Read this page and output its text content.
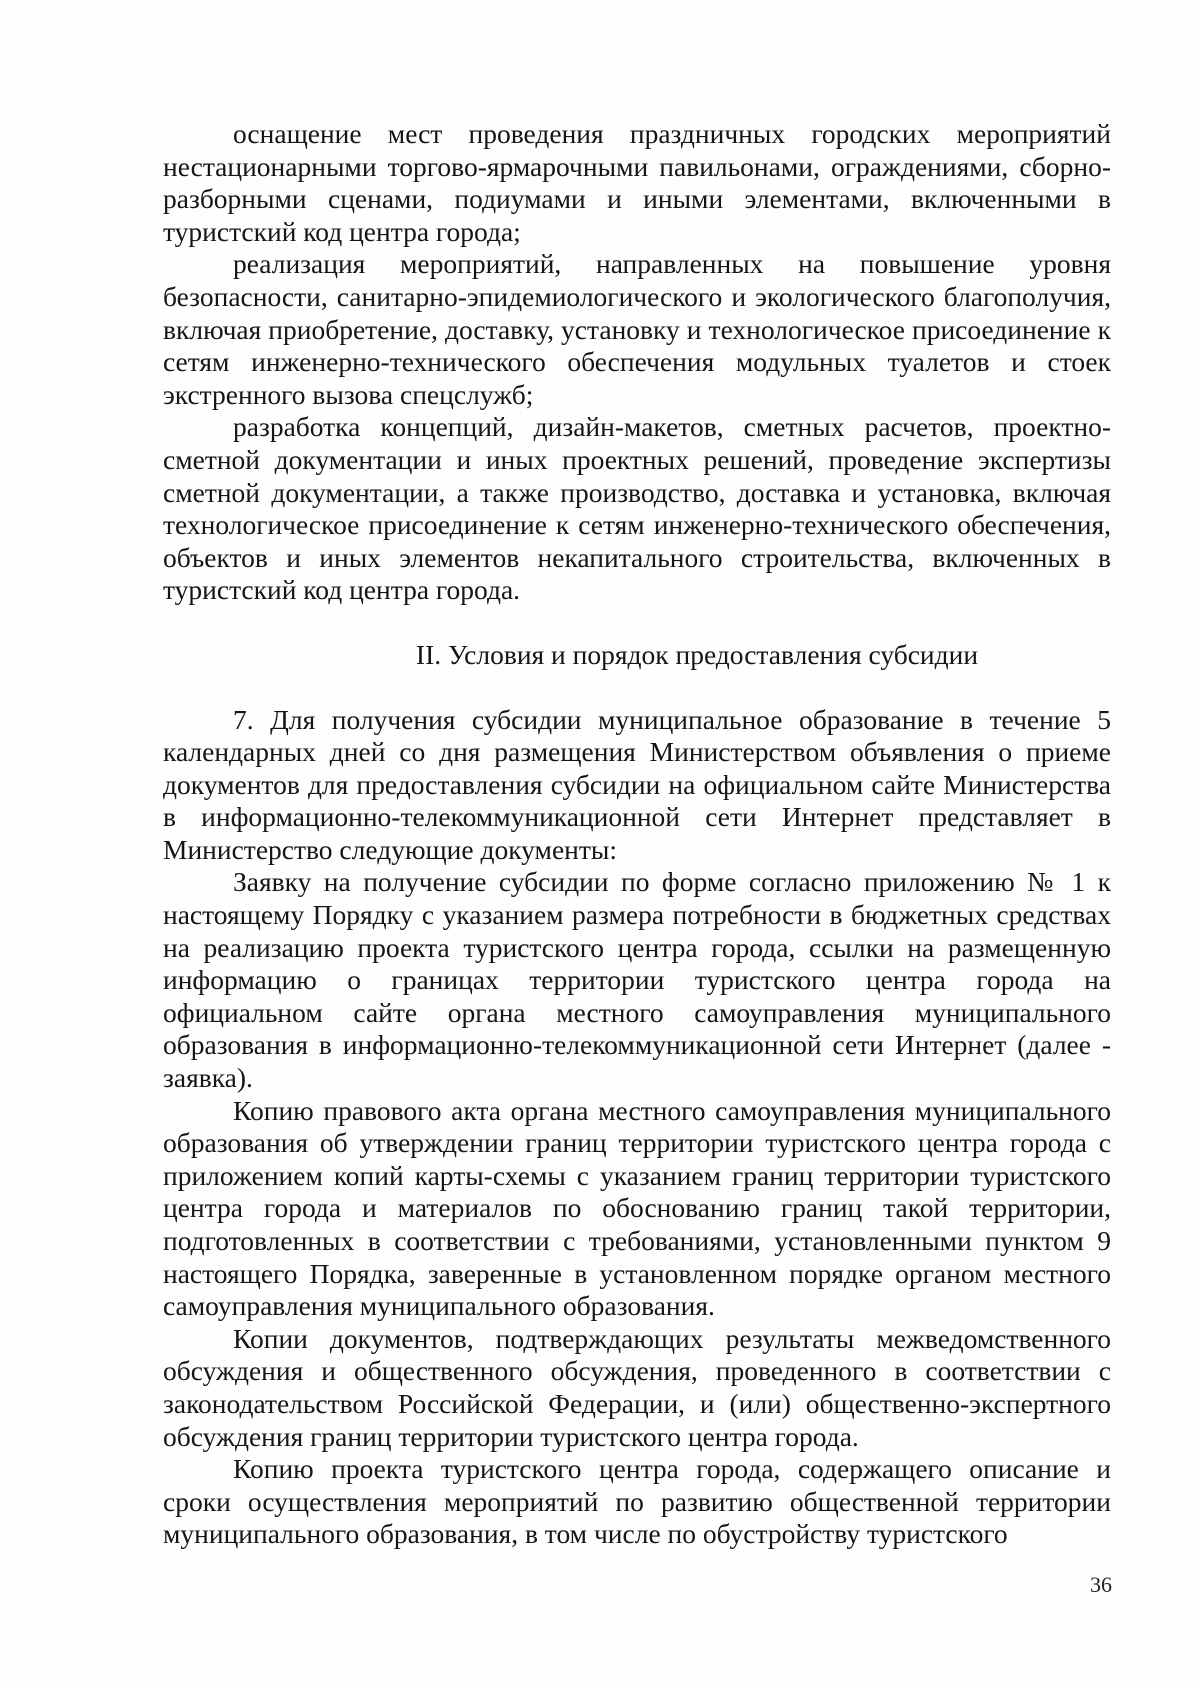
оснащение мест проведения праздничных городских мероприятий нестационарными торгово-ярмарочными павильонами, ограждениями, сборно-разборными сценами, подиумами и иными элементами, включенными в туристский код центра города;

реализация мероприятий, направленных на повышение уровня безопасности, санитарно-эпидемиологического и экологического благополучия, включая приобретение, доставку, установку и технологическое присоединение к сетям инженерно-технического обеспечения модульных туалетов и стоек экстренного вызова спецслужб;

разработка концепций, дизайн-макетов, сметных расчетов, проектно-сметной документации и иных проектных решений, проведение экспертизы сметной документации, а также производство, доставка и установка, включая технологическое присоединение к сетям инженерно-технического обеспечения, объектов и иных элементов некапитального строительства, включенных в туристский код центра города.

II. Условия и порядок предоставления субсидии

7. Для получения субсидии муниципальное образование в течение 5 календарных дней со дня размещения Министерством объявления о приеме документов для предоставления субсидии на официальном сайте Министерства в информационно-телекоммуникационной сети Интернет представляет в Министерство следующие документы:

Заявку на получение субсидии по форме согласно приложению № 1 к настоящему Порядку с указанием размера потребности в бюджетных средствах на реализацию проекта туристского центра города, ссылки на размещенную информацию о границах территории туристского центра города на официальном сайте органа местного самоуправления муниципального образования в информационно-телекоммуникационной сети Интернет (далее - заявка).

Копию правового акта органа местного самоуправления муниципального образования об утверждении границ территории туристского центра города с приложением копий карты-схемы с указанием границ территории туристского центра города и материалов по обоснованию границ такой территории, подготовленных в соответствии с требованиями, установленными пунктом 9 настоящего Порядка, заверенные в установленном порядке органом местного самоуправления муниципального образования.

Копии документов, подтверждающих результаты межведомственного обсуждения и общественного обсуждения, проведенного в соответствии с законодательством Российской Федерации, и (или) общественно-экспертного обсуждения границ территории туристского центра города.

Копию проекта туристского центра города, содержащего описание и сроки осуществления мероприятий по развитию общественной территории муниципального образования, в том числе по обустройству туристского

36
